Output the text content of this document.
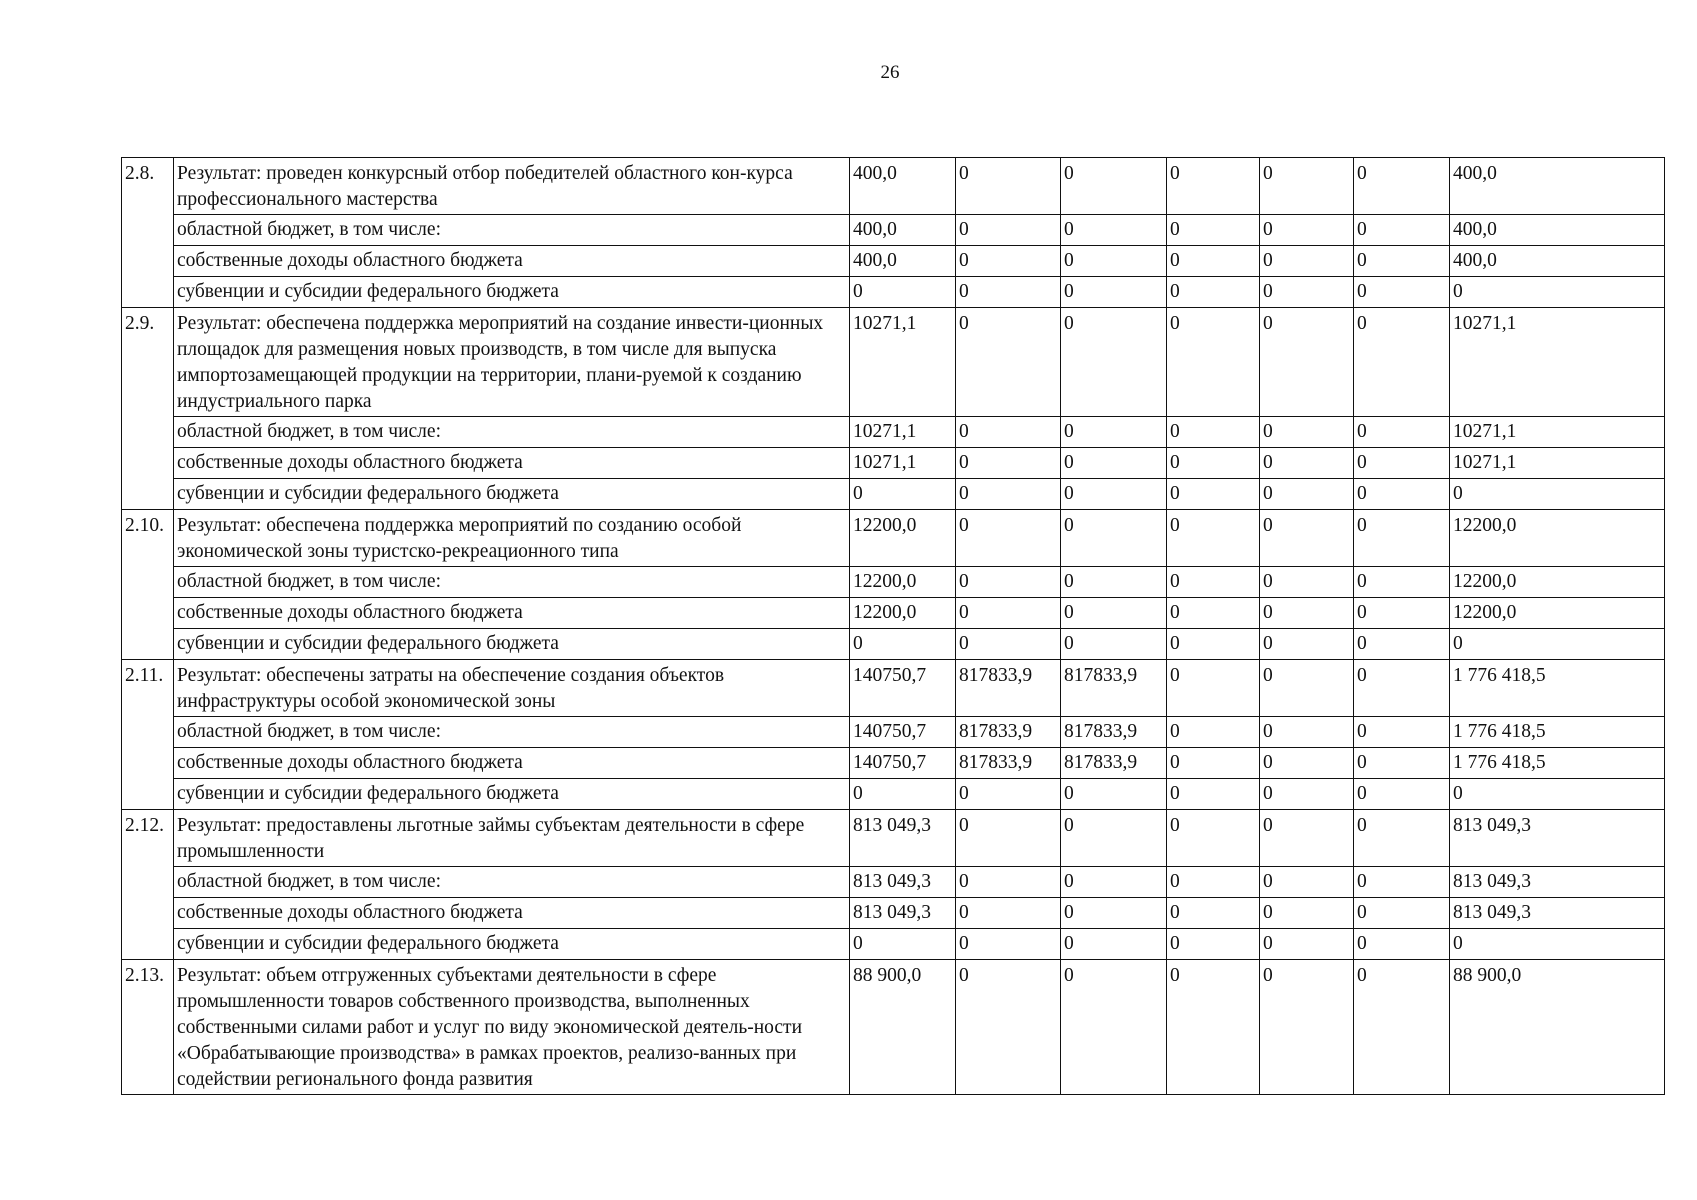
26
2.8.	Результат: проведен конкурсный отбор победителей областного кон-курса профессионального мастерства	400,0	0	0	0	0	0	400,0
	областной бюджет, в том числе:	400,0	0	0	0	0	0	400,0
	собственные доходы областного бюджета	400,0	0	0	0	0	0	400,0
	субвенции и субсидии федерального бюджета	0	0	0	0	0	0	0
2.9.	Результат: обеспечена поддержка мероприятий на создание инвести-ционных площадок для размещения новых производств, в том числе для выпуска импортозамещающей продукции на территории, плани-руемой к созданию индустриального парка	10271,1	0	0	0	0	0	10271,1
	областной бюджет, в том числе:	10271,1	0	0	0	0	0	10271,1
	собственные доходы областного бюджета	10271,1	0	0	0	0	0	10271,1
	субвенции и субсидии федерального бюджета	0	0	0	0	0	0	0
2.10.	Результат: обеспечена поддержка мероприятий по созданию особой экономической зоны туристско-рекреационного типа	12200,0	0	0	0	0	0	12200,0
	областной бюджет, в том числе:	12200,0	0	0	0	0	0	12200,0
	собственные доходы областного бюджета	12200,0	0	0	0	0	0	12200,0
	субвенции и субсидии федерального бюджета	0	0	0	0	0	0	0
2.11.	Результат: обеспечены затраты на обеспечение создания объектов инфраструктуры особой экономической зоны	140750,7	817833,9	817833,9	0	0	0	1 776 418,5
	областной бюджет, в том числе:	140750,7	817833,9	817833,9	0	0	0	1 776 418,5
	собственные доходы областного бюджета	140750,7	817833,9	817833,9	0	0	0	1 776 418,5
	субвенции и субсидии федерального бюджета	0	0	0	0	0	0	0
2.12.	Результат: предоставлены льготные займы субъектам деятельности в сфере промышленности	813 049,3	0	0	0	0	0	813 049,3
	областной бюджет, в том числе:	813 049,3	0	0	0	0	0	813 049,3
	собственные доходы областного бюджета	813 049,3	0	0	0	0	0	813 049,3
	субвенции и субсидии федерального бюджета	0	0	0	0	0	0	0
2.13.	Результат: объем отгруженных субъектами деятельности в сфере промышленности товаров собственного производства, выполненных собственными силами работ и услуг по виду экономической деятель-ности «Обрабатывающие производства» в рамках проектов, реализо-ванных при содействии регионального фонда развития	88 900,0	0	0	0	0	0	88 900,0
